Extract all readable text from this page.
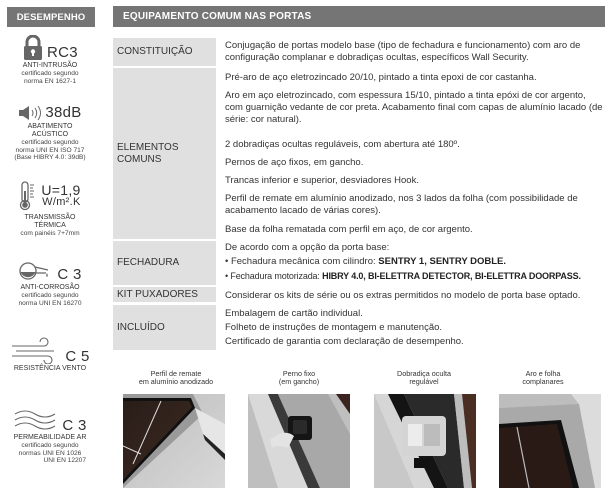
DESEMPENHO
RC3
ANTI-INTRUSÃO
certificado segundo
norma EN 1627-1
38dB
ABATIMENTO
ACÚSTICO
certificado segundo
norma UNI EN ISO 717
(Base HIBRY 4.0: 39dB)
U=1,9
W/m².K
TRANSMISSÃO
TÉRMICA
com painéis 7+7mm
C 3
ANTI-CORROSÃO
certificado segundo
norma UNI EN 16270
C 5
RESISTÊNCIA VENTO
C 3
PERMEABILIDADE AR
certificado segundo
normas UNI EN 1026
UNI EN 12207
EQUIPAMENTO COMUM NAS PORTAS
CONSTITUIÇÃO
Conjugação de portas modelo base (tipo de fechadura e funcionamento) com aro de configuração complanar e dobradiças ocultas, específicos Wall Security.
ELEMENTOS
COMUNS
Pré-aro de aço eletrozincado 20/10, pintado a tinta epoxi de cor castanha.
Aro em aço eletrozincado, com espessura 15/10, pintado a tinta epóxi de cor argento, com guarnição vedante de cor preta. Acabamento final com capas de alumínio lacado (de série: cor natural).
2 dobradiças ocultas reguláveis, com abertura até 180º.
Pernos de aço fixos, em gancho.
Trancas inferior e superior, desviadores Hook.
Perfil de remate em alumínio anodizado, nos 3 lados da folha (com possibilidade de acabamento lacado de várias cores).
Base da folha rematada com perfil em aço, de cor argento.
FECHADURA
De acordo com a opção da porta base:
• Fechadura mecânica com cilindro: SENTRY 1, SENTRY DOBLE.
• Fechadura motorizada: HIBRY 4.0, BI-ELETTRA DETECTOR, BI-ELETTRA DOORPASS.
KIT PUXADORES	Considerar os kits de série ou os extras permitidos no modelo de porta base optado.
INCLUÍDO
Embalagem de cartão individual.
Folheto de instruções de montagem e manutenção.
Certificado de garantia com declaração de desempenho.
Perfil de remate
em alumínio anodizado
Perno fixo
(em gancho)
Dobradiça oculta
regulável
Aro e folha
complanares
